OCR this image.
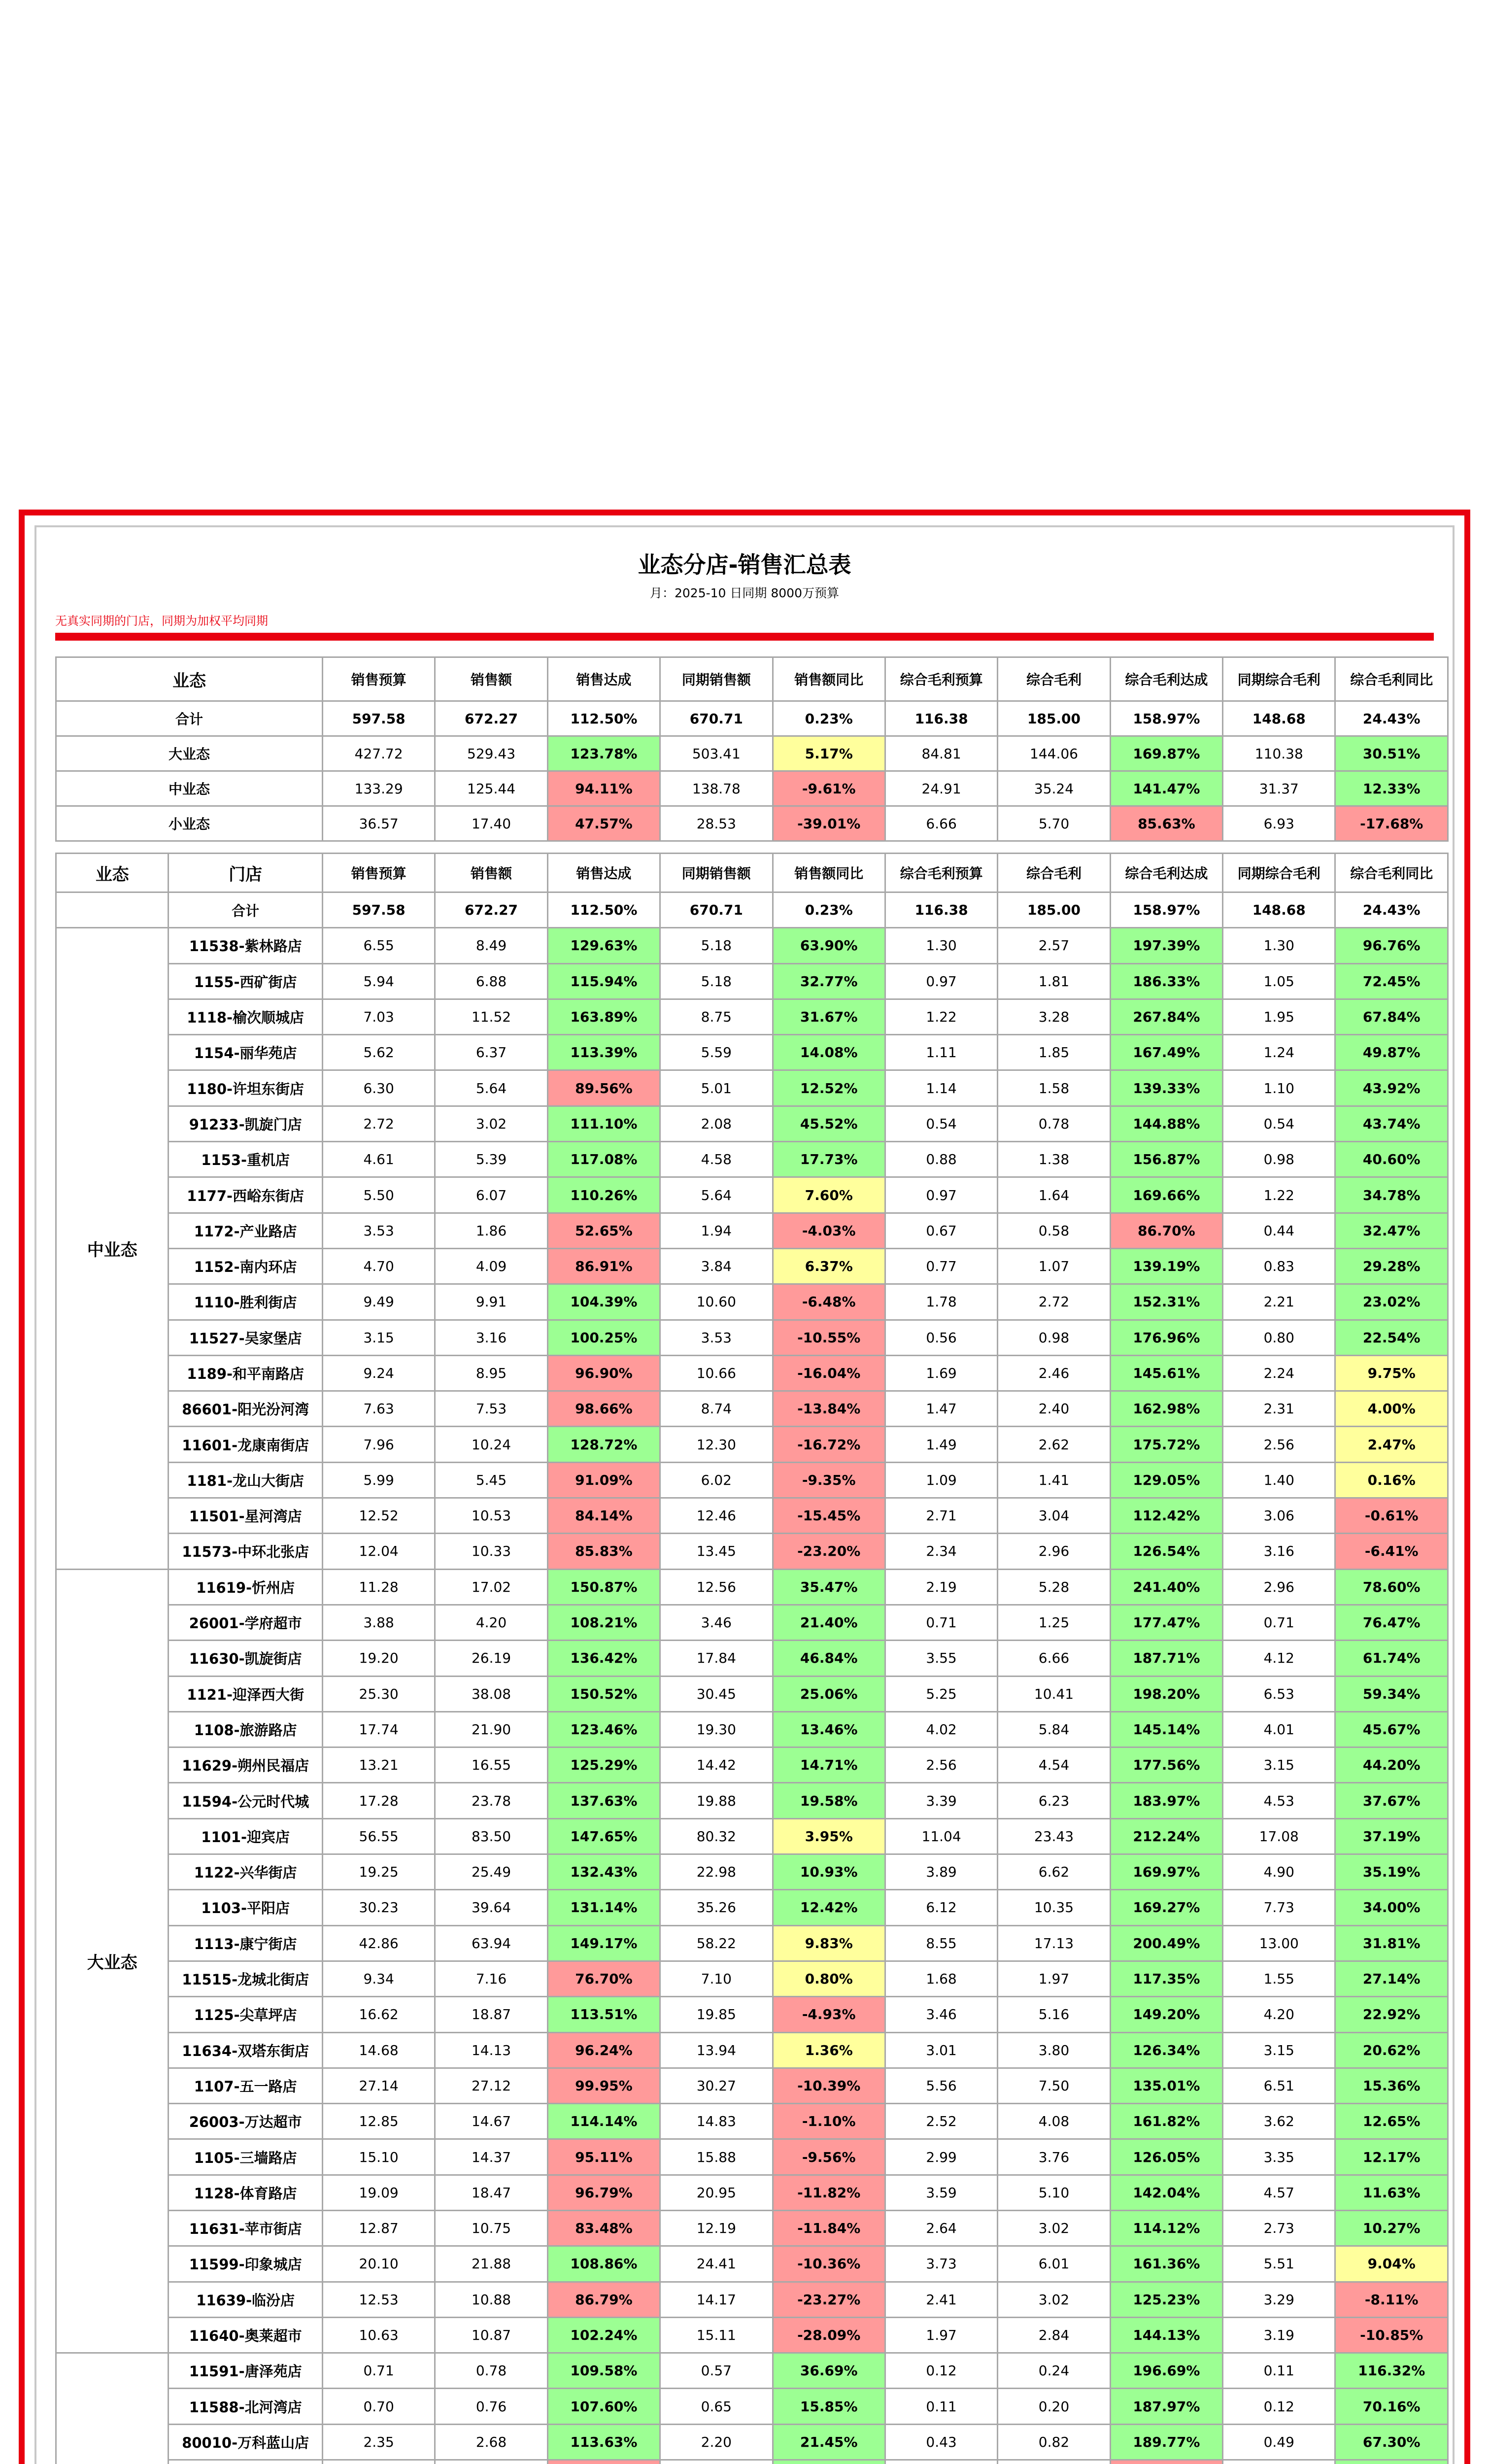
业态分店-销售汇总表
月：2025-10 日同期 8000万预算
无真实同期的门店，同期为加权平均同期
业态	销售预算	销售额	销售达成	同期销售额	销售额同比	综合毛利预算	综合毛利	综合毛利达成	同期综合毛利	综合毛利同比
合计	597.58	672.27	112.50%	670.71	0.23%	116.38	185.00	158.97%	148.68	24.43%
大业态	427.72	529.43	123.78%	503.41	5.17%	84.81	144.06	169.87%	110.38	30.51%
中业态	133.29	125.44	94.11%	138.78	-9.61%	24.91	35.24	141.47%	31.37	12.33%
小业态	36.57	17.40	47.57%	28.53	-39.01%	6.66	5.70	85.63%	6.93	-17.68%
业态	门店	销售预算	销售额	销售达成	同期销售额	销售额同比	综合毛利预算	综合毛利	综合毛利达成	同期综合毛利	综合毛利同比
	合计	597.58	672.27	112.50%	670.71	0.23%	116.38	185.00	158.97%	148.68	24.43%
中业态	11538-紫林路店	6.55	8.49	129.63%	5.18	63.90%	1.30	2.57	197.39%	1.30	96.76%
	1155-西矿街店	5.94	6.88	115.94%	5.18	32.77%	0.97	1.81	186.33%	1.05	72.45%
	1118-榆次顺城店	7.03	11.52	163.89%	8.75	31.67%	1.22	3.28	267.84%	1.95	67.84%
	1154-丽华苑店	5.62	6.37	113.39%	5.59	14.08%	1.11	1.85	167.49%	1.24	49.87%
	1180-许坦东街店	6.30	5.64	89.56%	5.01	12.52%	1.14	1.58	139.33%	1.10	43.92%
	91233-凯旋门店	2.72	3.02	111.10%	2.08	45.52%	0.54	0.78	144.88%	0.54	43.74%
	1153-重机店	4.61	5.39	117.08%	4.58	17.73%	0.88	1.38	156.87%	0.98	40.60%
	1177-西峪东街店	5.50	6.07	110.26%	5.64	7.60%	0.97	1.64	169.66%	1.22	34.78%
	1172-产业路店	3.53	1.86	52.65%	1.94	-4.03%	0.67	0.58	86.70%	0.44	32.47%
	1152-南内环店	4.70	4.09	86.91%	3.84	6.37%	0.77	1.07	139.19%	0.83	29.28%
	1110-胜利街店	9.49	9.91	104.39%	10.60	-6.48%	1.78	2.72	152.31%	2.21	23.02%
	11527-吴家堡店	3.15	3.16	100.25%	3.53	-10.55%	0.56	0.98	176.96%	0.80	22.54%
	1189-和平南路店	9.24	8.95	96.90%	10.66	-16.04%	1.69	2.46	145.61%	2.24	9.75%
	86601-阳光汾河湾	7.63	7.53	98.66%	8.74	-13.84%	1.47	2.40	162.98%	2.31	4.00%
	11601-龙康南街店	7.96	10.24	128.72%	12.30	-16.72%	1.49	2.62	175.72%	2.56	2.47%
	1181-龙山大街店	5.99	5.45	91.09%	6.02	-9.35%	1.09	1.41	129.05%	1.40	0.16%
	11501-星河湾店	12.52	10.53	84.14%	12.46	-15.45%	2.71	3.04	112.42%	3.06	-0.61%
	11573-中环北张店	12.04	10.33	85.83%	13.45	-23.20%	2.34	2.96	126.54%	3.16	-6.41%
大业态	11619-忻州店	11.28	17.02	150.87%	12.56	35.47%	2.19	5.28	241.40%	2.96	78.60%
	26001-学府超市	3.88	4.20	108.21%	3.46	21.40%	0.71	1.25	177.47%	0.71	76.47%
	11630-凯旋街店	19.20	26.19	136.42%	17.84	46.84%	3.55	6.66	187.71%	4.12	61.74%
	1121-迎泽西大街	25.30	38.08	150.52%	30.45	25.06%	5.25	10.41	198.20%	6.53	59.34%
	1108-旅游路店	17.74	21.90	123.46%	19.30	13.46%	4.02	5.84	145.14%	4.01	45.67%
	11629-朔州民福店	13.21	16.55	125.29%	14.42	14.71%	2.56	4.54	177.56%	3.15	44.20%
	11594-公元时代城	17.28	23.78	137.63%	19.88	19.58%	3.39	6.23	183.97%	4.53	37.67%
	1101-迎宾店	56.55	83.50	147.65%	80.32	3.95%	11.04	23.43	212.24%	17.08	37.19%
	1122-兴华街店	19.25	25.49	132.43%	22.98	10.93%	3.89	6.62	169.97%	4.90	35.19%
	1103-平阳店	30.23	39.64	131.14%	35.26	12.42%	6.12	10.35	169.27%	7.73	34.00%
	1113-康宁街店	42.86	63.94	149.17%	58.22	9.83%	8.55	17.13	200.49%	13.00	31.81%
	11515-龙城北街店	9.34	7.16	76.70%	7.10	0.80%	1.68	1.97	117.35%	1.55	27.14%
	1125-尖草坪店	16.62	18.87	113.51%	19.85	-4.93%	3.46	5.16	149.20%	4.20	22.92%
	11634-双塔东街店	14.68	14.13	96.24%	13.94	1.36%	3.01	3.80	126.34%	3.15	20.62%
	1107-五一路店	27.14	27.12	99.95%	30.27	-10.39%	5.56	7.50	135.01%	6.51	15.36%
	26003-万达超市	12.85	14.67	114.14%	14.83	-1.10%	2.52	4.08	161.82%	3.62	12.65%
	1105-三墙路店	15.10	14.37	95.11%	15.88	-9.56%	2.99	3.76	126.05%	3.35	12.17%
	1128-体育路店	19.09	18.47	96.79%	20.95	-11.82%	3.59	5.10	142.04%	4.57	11.63%
	11631-苹市街店	12.87	10.75	83.48%	12.19	-11.84%	2.64	3.02	114.12%	2.73	10.27%
	11599-印象城店	20.10	21.88	108.86%	24.41	-10.36%	3.73	6.01	161.36%	5.51	9.04%
	11639-临汾店	12.53	10.88	86.79%	14.17	-23.27%	2.41	3.02	125.23%	3.29	-8.11%
	11640-奥莱超市	10.63	10.87	102.24%	15.11	-28.09%	1.97	2.84	144.13%	3.19	-10.85%
	11591-唐泽苑店	0.71	0.78	109.58%	0.57	36.69%	0.12	0.24	196.69%	0.11	116.32%
	11588-北河湾店	0.70	0.76	107.60%	0.65	15.85%	0.11	0.20	187.97%	0.12	70.16%
	80010-万科蓝山店	2.35	2.68	113.63%	2.20	21.45%	0.43	0.82	189.77%	0.49	67.30%
